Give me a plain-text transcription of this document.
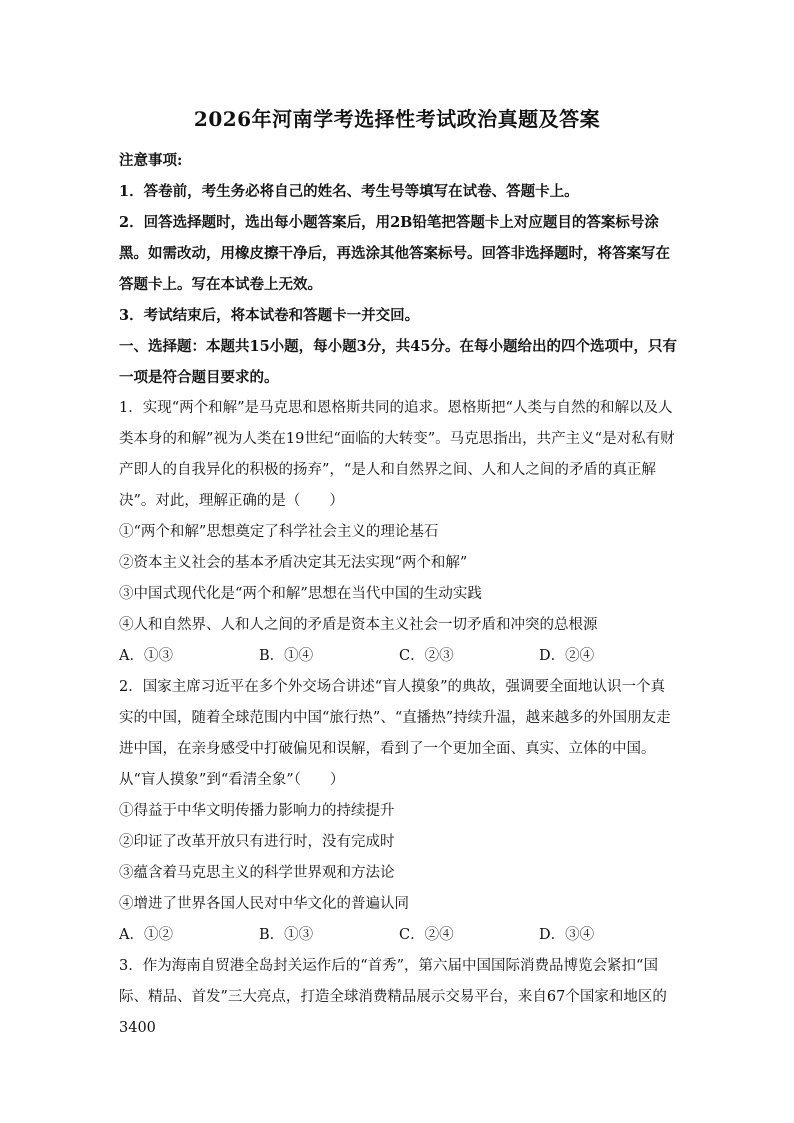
2026年河南学考选择性考试政治真题及答案

注意事项:

1．答卷前，考生务必将自己的姓名、考生号等填写在试卷、答题卡上。

2．回答选择题时，选出每小题答案后，用2B铅笔把答题卡上对应题目的答案标号涂黑。如需改动，用橡皮擦干净后，再选涂其他答案标号。回答非选择题时，将答案写在答题卡上。写在本试卷上无效。

3．考试结束后，将本试卷和答题卡一并交回。

一、选择题：本题共15小题，每小题3分，共45分。在每小题给出的四个选项中，只有一项是符合题目要求的。

1．实现“两个和解”是马克思和恩格斯共同的追求。恩格斯把“人类与自然的和解以及人类本身的和解”视为人类在19世纪“面临的大转变”。马克思指出，共产主义“是对私有财产即人的自我异化的积极的扬弃”，“是人和自然界之间、人和人之间的矛盾的真正解决”。对此，理解正确的是（　　）

①“两个和解”思想奠定了科学社会主义的理论基石

②资本主义社会的基本矛盾决定其无法实现“两个和解”

③中国式现代化是“两个和解”思想在当代中国的生动实践

④人和自然界、人和人之间的矛盾是资本主义社会一切矛盾和冲突的总根源

A．①③	B．①④	C．②③	D．②④

2．国家主席习近平在多个外交场合讲述“盲人摸象”的典故，强调要全面地认识一个真实的中国，随着全球范围内中国“旅行热”、“直播热”持续升温，越来越多的外国朋友走进中国，在亲身感受中打破偏见和误解，看到了一个更加全面、真实、立体的中国。从“盲人摸象”到“看清全象”（　　）

①得益于中华文明传播力影响力的持续提升

②印证了改革开放只有进行时，没有完成时

③蕴含着马克思主义的科学世界观和方法论

④增进了世界各国人民对中华文化的普遍认同

A．①②	B．①③	C．②④	D．③④

3．作为海南自贸港全岛封关运作后的“首秀”，第六届中国国际消费品博览会紧扣“国际、精品、首发”三大亮点，打造全球消费精品展示交易平台，来自67个国家和地区的3400
